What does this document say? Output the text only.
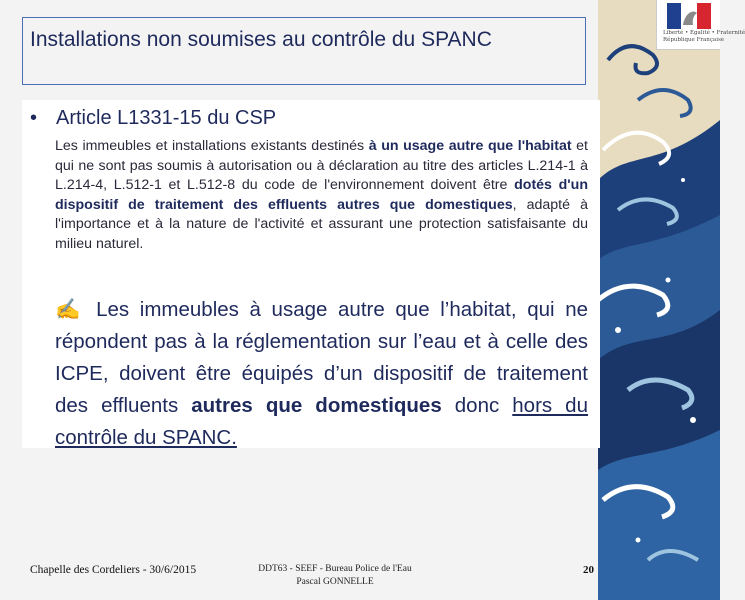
Liberté • Égalité • Fraternité
République Française
Installations non soumises au contrôle du SPANC
• Article L1331-15 du CSP

Les immeubles et installations existants destinés à un usage autre que l'habitat et qui ne sont pas soumis à autorisation ou à déclaration au titre des articles L.214-1 à L.214-4, L.512-1 et L.512-8 du code de l'environnement doivent être dotés d'un dispositif de traitement des effluents autres que domestiques, adapté à l'importance et à la nature de l'activité et assurant une protection satisfaisante du milieu naturel.

✍ Les immeubles à usage autre que l’habitat, qui ne répondent pas à la réglementation sur l’eau et à celle des ICPE, doivent être équipés d’un dispositif de traitement des effluents autres que domestiques donc hors du contrôle du SPANC.

Chapelle des Cordeliers - 30/6/2015	DDT63 - SEEF - Bureau Police de l'Eau
Pascal GONNELLE
20
